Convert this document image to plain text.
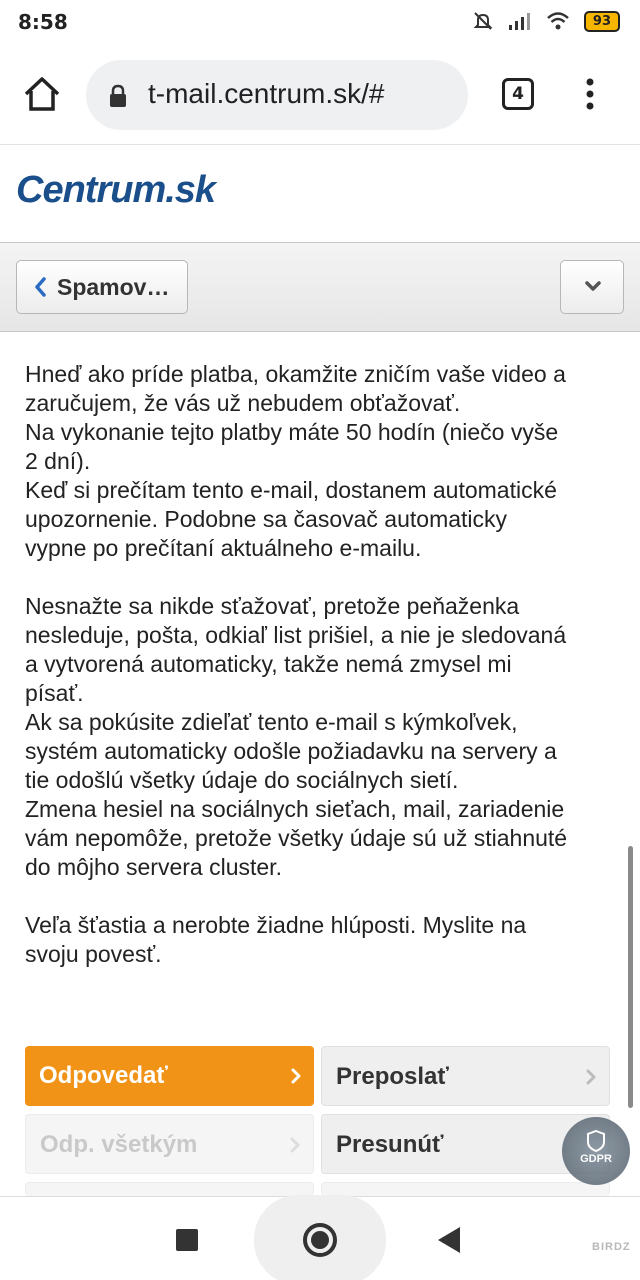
8:58	93
t-mail.centrum.sk/#	4
Centrum.sk
Spamov…

Hneď ako príde platba, okamžite zničím vaše video a
zaručujem, že vás už nebudem obťažovať.
Na vykonanie tejto platby máte 50 hodín (niečo vyše
2 dní).
Keď si prečítam tento e-mail, dostanem automatické
upozornenie. Podobne sa časovač automaticky
vypne po prečítaní aktuálneho e-mailu.

Nesnažte sa nikde sťažovať, pretože peňaženka
nesleduje, pošta, odkiaľ list prišiel, a nie je sledovaná
a vytvorená automaticky, takže nemá zmysel mi
písať.
Ak sa pokúsite zdieľať tento e-mail s kýmkoľvek,
systém automaticky odošle požiadavku na servery a
tie odošlú všetky údaje do sociálnych sietí.
Zmena hesiel na sociálnych sieťach, mail, zariadenie
vám nepomôže, pretože všetky údaje sú už stiahnuté
do môjho servera cluster.

Veľa šťastia a nerobte žiadne hlúposti. Myslite na
svoju povesť.

Odpovedať	Preposlať
Odp. všetkým	Presunúť
GDPR
BIRDZ
